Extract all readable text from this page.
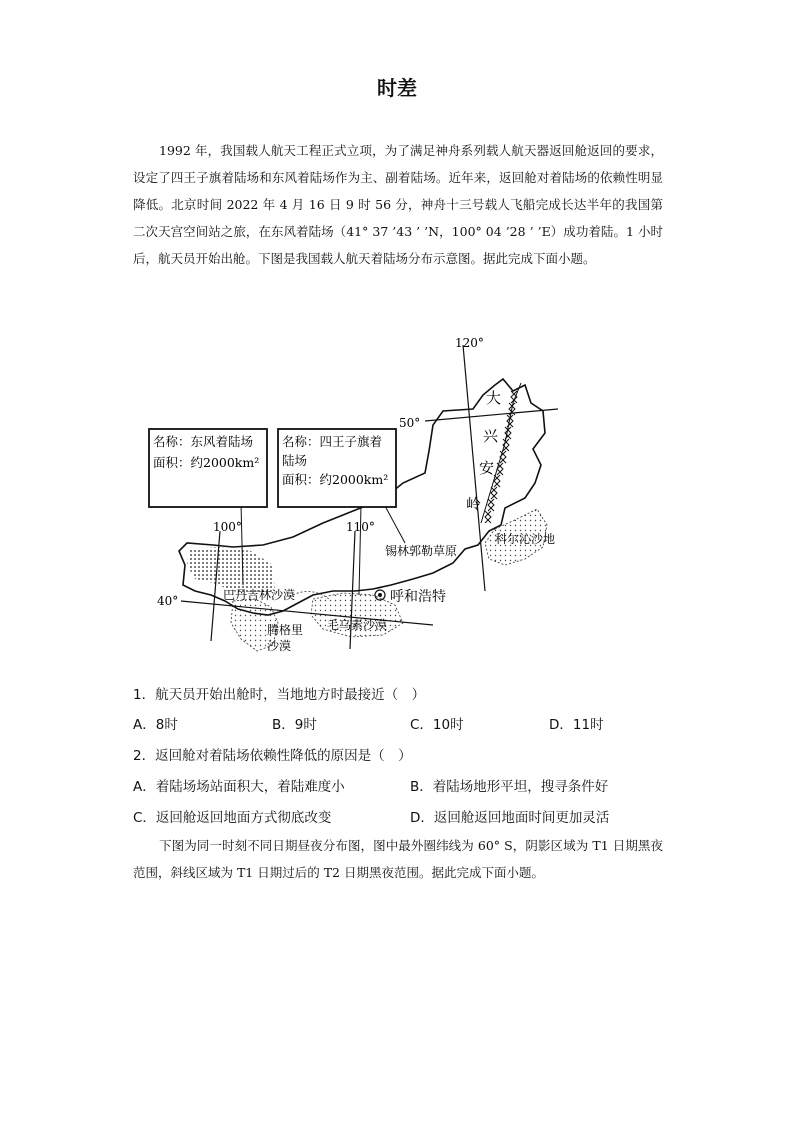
时差
1992 年，我国载人航天工程正式立项，为了满足神舟系列载人航天器返回舱返回的要求，设定了四王子旗着陆场和东风着陆场作为主、副着陆场。近年来，返回舱对着陆场的依赖性明显降低。北京时间 2022 年 4 月 16 日 9 时 56 分，神舟十三号载人飞船完成长达半年的我国第二次天宫空间站之旅，在东风着陆场（41° 37 ’43 ’ ’N，100° 04 ’28 ’ ’E）成功着陆。1 小时后，航天员开始出舱。下图是我国载人航天着陆场分布示意图。据此完成下面小题。
120°
50°
100°	110°
40°
名称：东风着陆场
面积：约2000km²
名称：四王子旗着
陆场
面积：约2000km²
大
兴
安
岭
锡林郭勒草原
科尔沁沙地
巴丹吉林沙漠	呼和浩特
腾格里
沙漠
毛乌素沙漠
1．航天员开始出舱时，当地地方时最接近（　）
A．8时	B．9时	C．10时	D．11时
2．返回舱对着陆场依赖性降低的原因是（　）
A．着陆场场站面积大，着陆难度小	B．着陆场地形平坦，搜寻条件好
C．返回舱返回地面方式彻底改变	D．返回舱返回地面时间更加灵活
下图为同一时刻不同日期昼夜分布图，图中最外圈纬线为 60° S，阴影区域为 T1 日期黑夜范围，斜线区域为 T1 日期过后的 T2 日期黑夜范围。据此完成下面小题。
